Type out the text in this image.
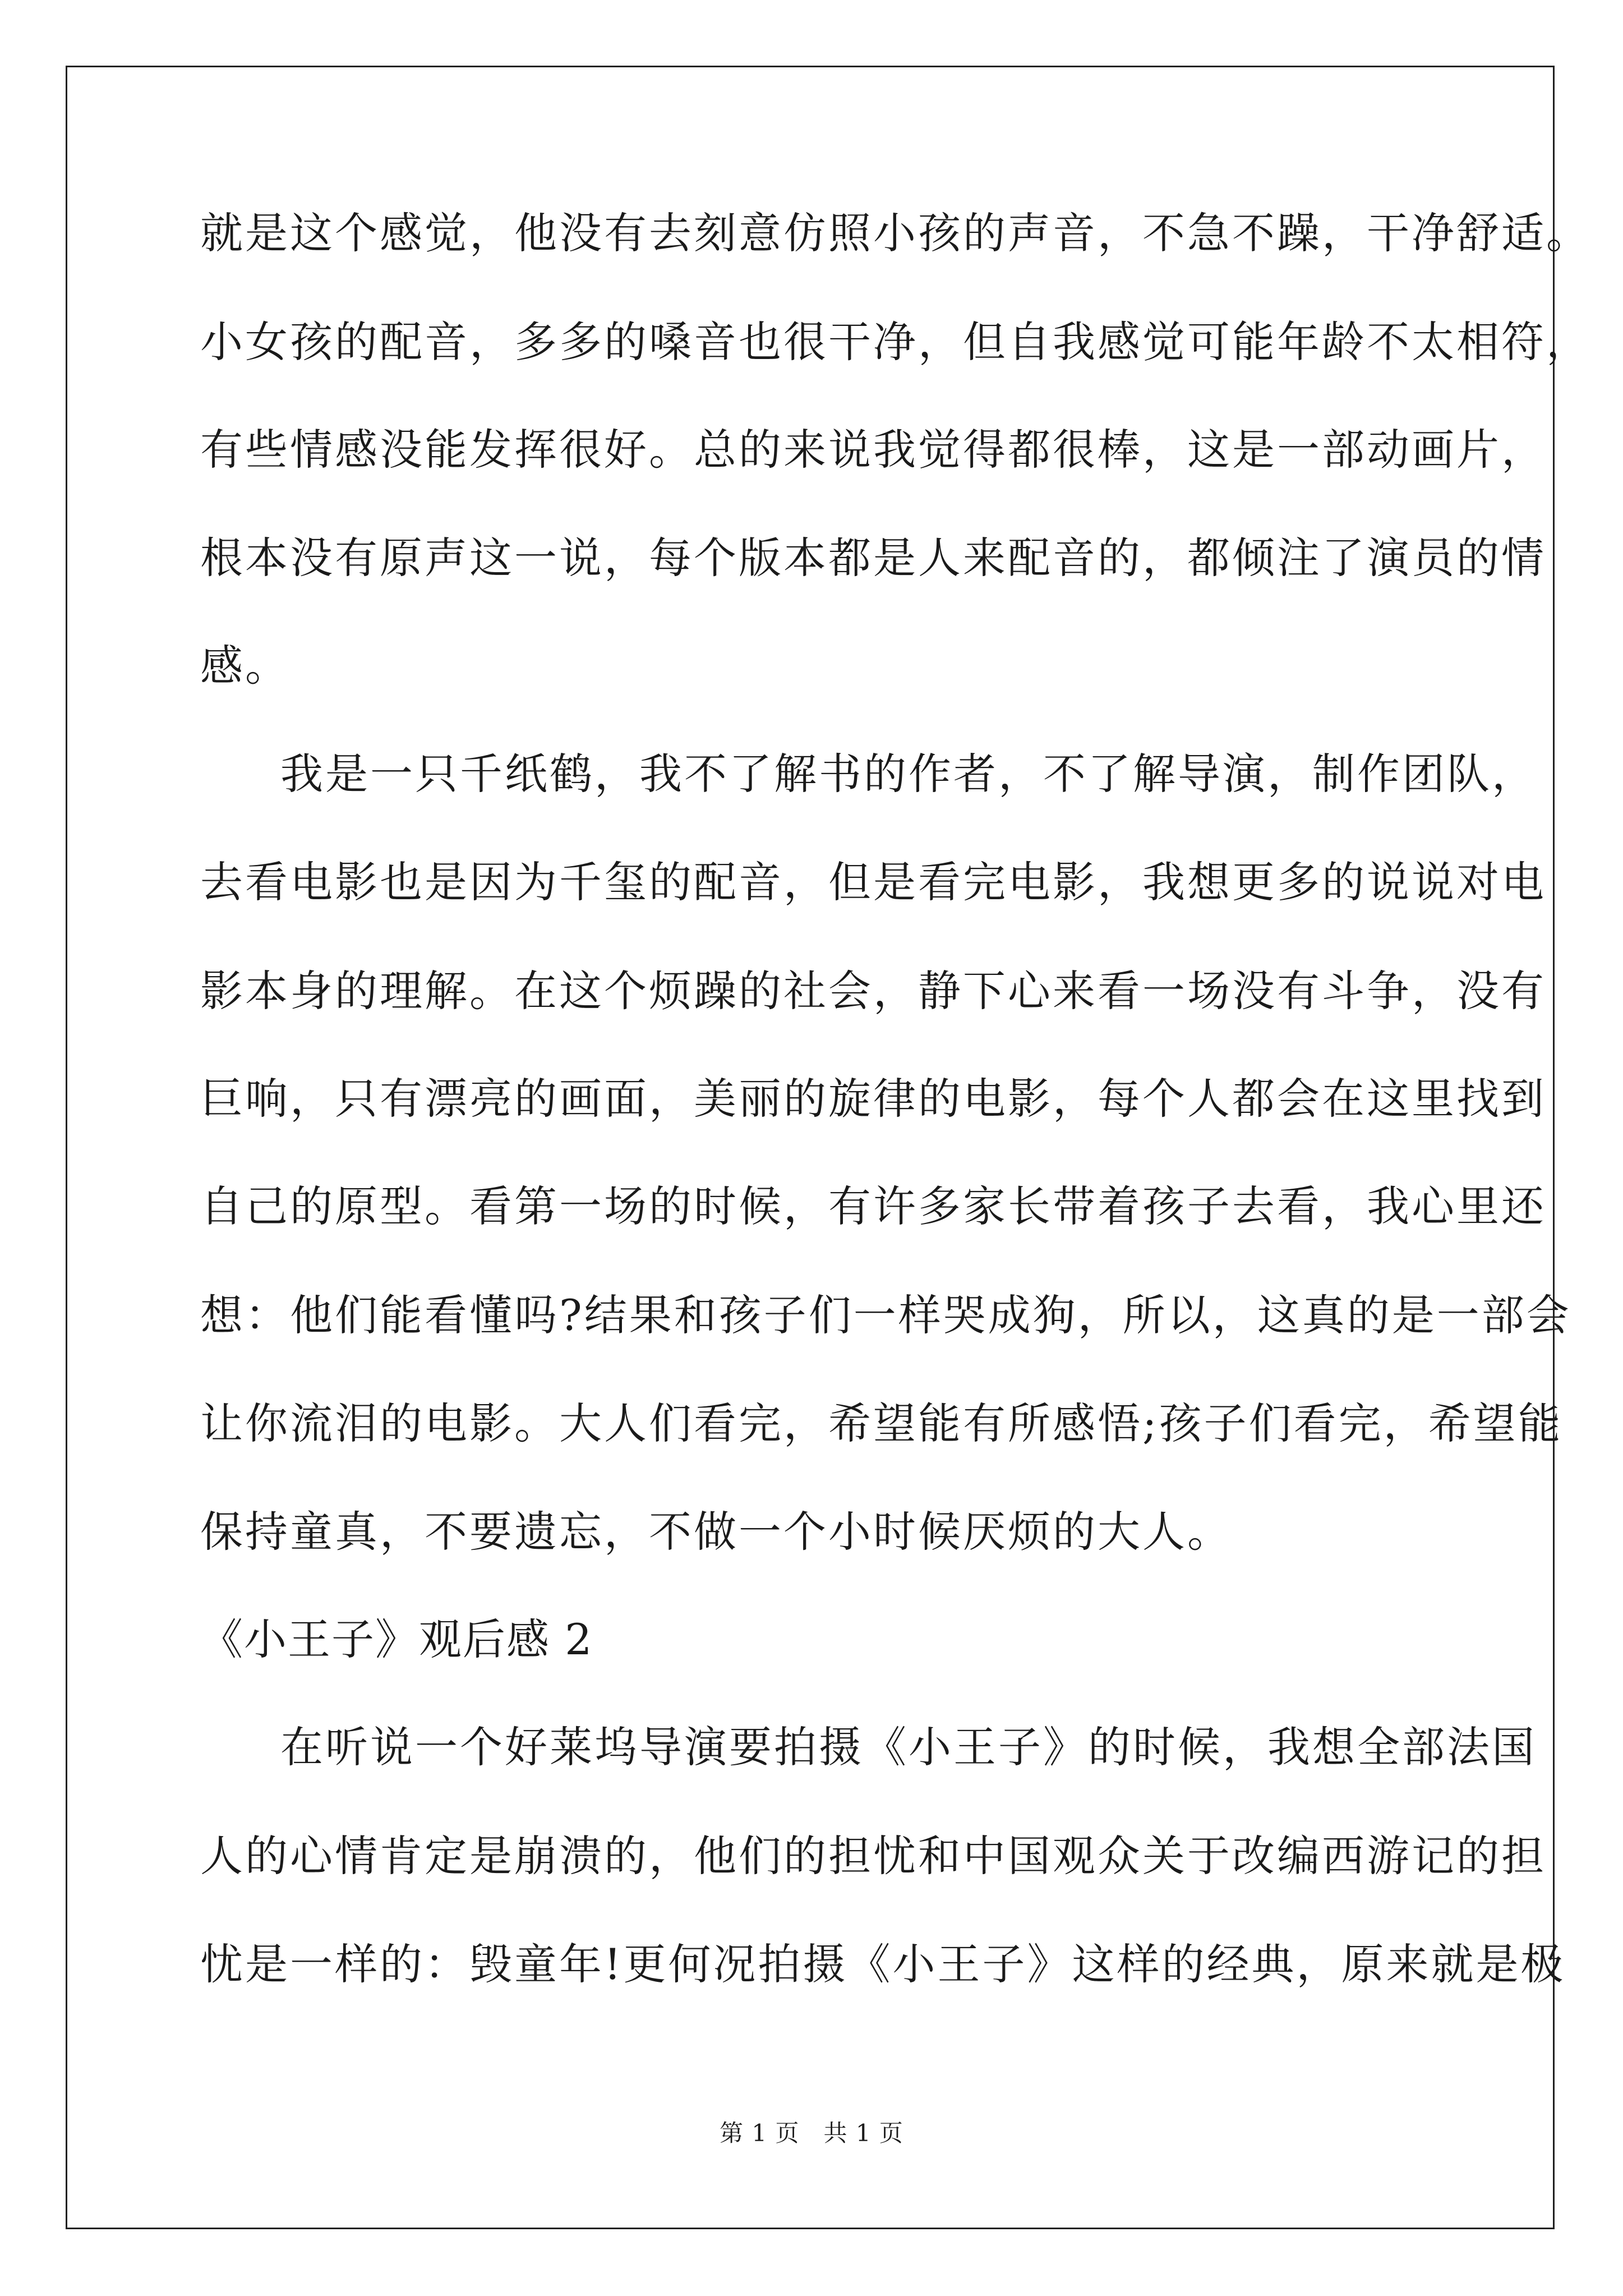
就是这个感觉，他没有去刻意仿照小孩的声音，不急不躁，干净舒适。
小女孩的配音，多多的嗓音也很干净，但自我感觉可能年龄不太相符，
有些情感没能发挥很好。总的来说我觉得都很棒，这是一部动画片，
根本没有原声这一说，每个版本都是人来配音的，都倾注了演员的情
感。
我是一只千纸鹤，我不了解书的作者，不了解导演，制作团队，
去看电影也是因为千玺的配音，但是看完电影，我想更多的说说对电
影本身的理解。在这个烦躁的社会，静下心来看一场没有斗争，没有
巨响，只有漂亮的画面，美丽的旋律的电影，每个人都会在这里找到
自己的原型。看第一场的时候，有许多家长带着孩子去看，我心里还
想：他们能看懂吗?结果和孩子们一样哭成狗，所以，这真的是一部会
让你流泪的电影。大人们看完，希望能有所感悟;孩子们看完，希望能
保持童真，不要遗忘，不做一个小时候厌烦的大人。
《小王子》观后感 2
在听说一个好莱坞导演要拍摄《小王子》的时候，我想全部法国
人的心情肯定是崩溃的，他们的担忧和中国观众关于改编西游记的担
忧是一样的：毁童年!更何况拍摄《小王子》这样的经典，原来就是极
第 1 页　共 1 页
